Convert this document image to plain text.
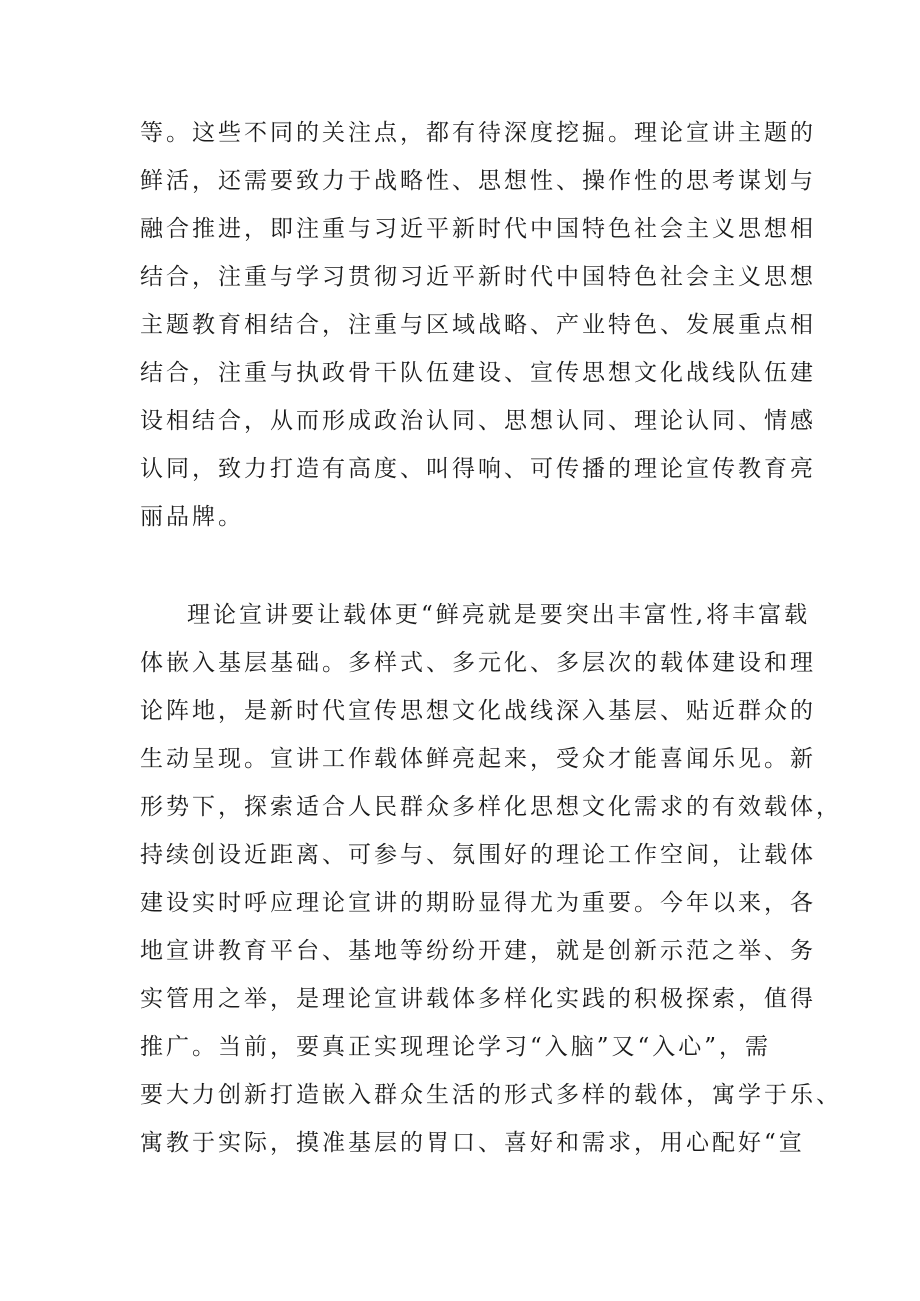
等。这些不同的关注点，都有待深度挖掘。理论宣讲主题的
鲜活，还需要致力于战略性、思想性、操作性的思考谋划与
融合推进，即注重与习近平新时代中国特色社会主义思想相
结合，注重与学习贯彻习近平新时代中国特色社会主义思想
主题教育相结合，注重与区域战略、产业特色、发展重点相
结合，注重与执政骨干队伍建设、宣传思想文化战线队伍建
设相结合，从而形成政治认同、思想认同、理论认同、情感
认同，致力打造有高度、叫得响、可传播的理论宣传教育亮
丽品牌。
理论宣讲要让载体更“鲜亮就是要突出丰富性,将丰富载
体嵌入基层基础。多样式、多元化、多层次的载体建设和理
论阵地，是新时代宣传思想文化战线深入基层、贴近群众的
生动呈现。宣讲工作载体鲜亮起来，受众才能喜闻乐见。新
形势下，探索适合人民群众多样化思想文化需求的有效载体，
持续创设近距离、可参与、氛围好的理论工作空间，让载体
建设实时呼应理论宣讲的期盼显得尤为重要。今年以来，各
地宣讲教育平台、基地等纷纷开建，就是创新示范之举、务
实管用之举，是理论宣讲载体多样化实践的积极探索，值得
推广。当前，要真正实现理论学习“入脑”又“入心”，需
要大力创新打造嵌入群众生活的形式多样的载体，寓学于乐、
寓教于实际，摸准基层的胃口、喜好和需求，用心配好“宣
